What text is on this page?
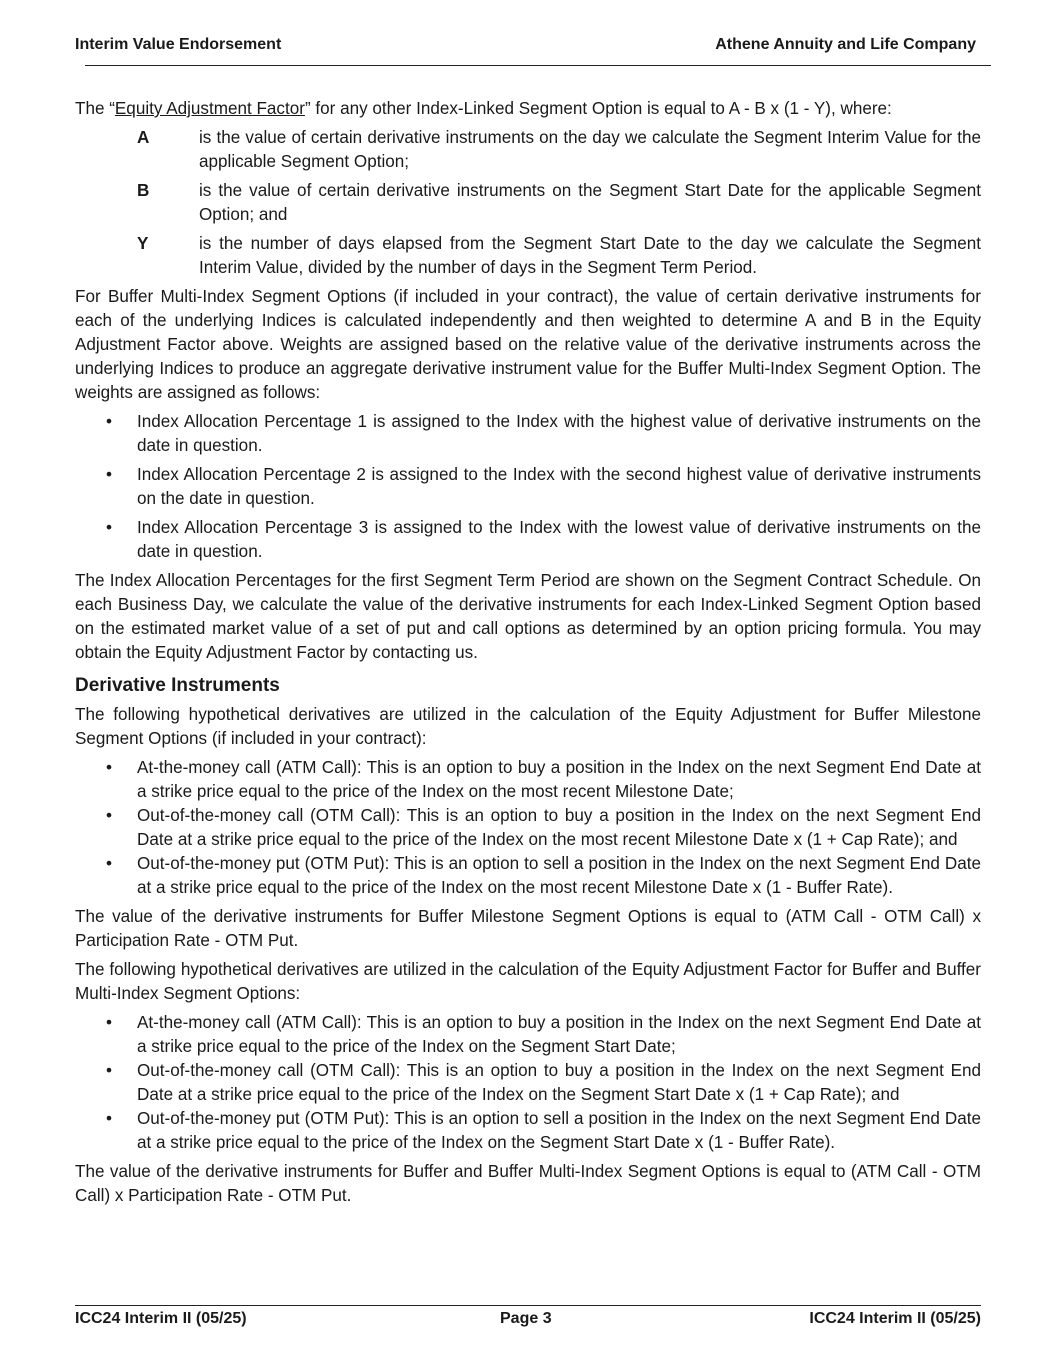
Interim Value Endorsement	Athene Annuity and Life Company

The “Equity Adjustment Factor” for any other Index-Linked Segment Option is equal to A - B x (1 - Y), where:

A	is the value of certain derivative instruments on the day we calculate the Segment Interim Value for the applicable Segment Option;
B	is the value of certain derivative instruments on the Segment Start Date for the applicable Segment Option; and
Y	is the number of days elapsed from the Segment Start Date to the day we calculate the Segment Interim Value, divided by the number of days in the Segment Term Period.

For Buffer Multi-Index Segment Options (if included in your contract), the value of certain derivative instruments for each of the underlying Indices is calculated independently and then weighted to determine A and B in the Equity Adjustment Factor above. Weights are assigned based on the relative value of the derivative instruments across the underlying Indices to produce an aggregate derivative instrument value for the Buffer Multi-Index Segment Option. The weights are assigned as follows:

• Index Allocation Percentage 1 is assigned to the Index with the highest value of derivative instruments on the date in question.
• Index Allocation Percentage 2 is assigned to the Index with the second highest value of derivative instruments on the date in question.
• Index Allocation Percentage 3 is assigned to the Index with the lowest value of derivative instruments on the date in question.

The Index Allocation Percentages for the first Segment Term Period are shown on the Segment Contract Schedule. On each Business Day, we calculate the value of the derivative instruments for each Index-Linked Segment Option based on the estimated market value of a set of put and call options as determined by an option pricing formula. You may obtain the Equity Adjustment Factor by contacting us.

Derivative Instruments

The following hypothetical derivatives are utilized in the calculation of the Equity Adjustment for Buffer Milestone Segment Options (if included in your contract):

• At-the-money call (ATM Call): This is an option to buy a position in the Index on the next Segment End Date at a strike price equal to the price of the Index on the most recent Milestone Date;
• Out-of-the-money call (OTM Call): This is an option to buy a position in the Index on the next Segment End Date at a strike price equal to the price of the Index on the most recent Milestone Date x (1 + Cap Rate); and
• Out-of-the-money put (OTM Put): This is an option to sell a position in the Index on the next Segment End Date at a strike price equal to the price of the Index on the most recent Milestone Date x (1 - Buffer Rate).

The value of the derivative instruments for Buffer Milestone Segment Options is equal to (ATM Call - OTM Call) x Participation Rate - OTM Put.

The following hypothetical derivatives are utilized in the calculation of the Equity Adjustment Factor for Buffer and Buffer Multi-Index Segment Options:

• At-the-money call (ATM Call): This is an option to buy a position in the Index on the next Segment End Date at a strike price equal to the price of the Index on the Segment Start Date;
• Out-of-the-money call (OTM Call): This is an option to buy a position in the Index on the next Segment End Date at a strike price equal to the price of the Index on the Segment Start Date x (1 + Cap Rate); and
• Out-of-the-money put (OTM Put): This is an option to sell a position in the Index on the next Segment End Date at a strike price equal to the price of the Index on the Segment Start Date x (1 - Buffer Rate).

The value of the derivative instruments for Buffer and Buffer Multi-Index Segment Options is equal to (ATM Call - OTM Call) x Participation Rate - OTM Put.

ICC24 Interim II (05/25)	Page 3	ICC24 Interim II (05/25)
